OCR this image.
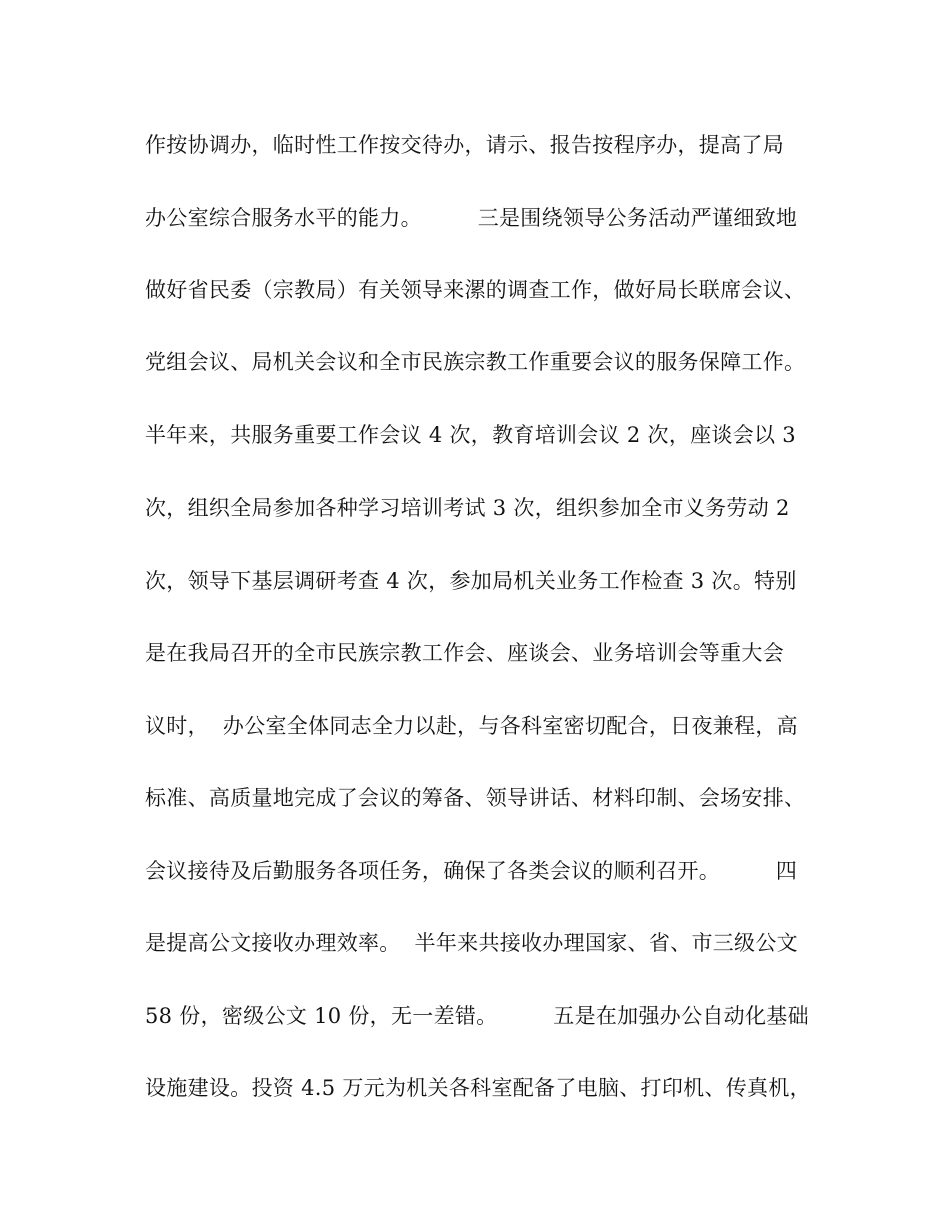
作按协调办，临时性工作按交待办，请示、报告按程序办，提高了局
办公室综合服务水平的能力。        三是围绕领导公务活动严谨细致地
做好省民委（宗教局）有关领导来漯的调查工作，做好局长联席会议、
党组会议、局机关会议和全市民族宗教工作重要会议的服务保障工作。
半年来，共服务重要工作会议 4 次，教育培训会议 2 次，座谈会以 3
次，组织全局参加各种学习培训考试 3 次，组织参加全市义务劳动 2
次，领导下基层调研考查 4 次，参加局机关业务工作检查 3 次。特别
是在我局召开的全市民族宗教工作会、座谈会、业务培训会等重大会
议时，  办公室全体同志全力以赴，与各科室密切配合，日夜兼程，高
标准、高质量地完成了会议的筹备、领导讲话、材料印制、会场安排、
会议接待及后勤服务各项任务，确保了各类会议的顺利召开。        四
是提高公文接收办理效率。  半年来共接收办理国家、省、市三级公文
58 份，密级公文 10 份，无一差错。        五是在加强办公自动化基础
设施建设。投资 4.5 万元为机关各科室配备了电脑、打印机、传真机，
